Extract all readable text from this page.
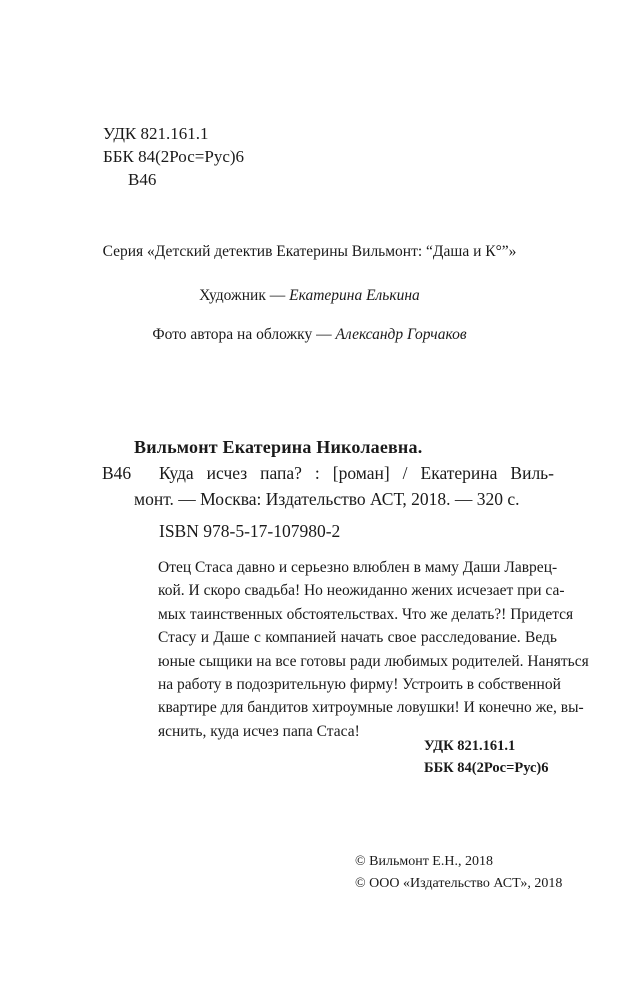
УДК 821.161.1
ББК 84(2Рос=Рус)6
В46
Серия «Детский детектив Екатерины Вильмонт: “Даша и К°”»
Художник — Екатерина Елькина
Фото автора на обложку — Александр Горчаков
Вильмонт Екатерина Николаевна.
В46 Куда исчез папа? : [роман] / Екатерина Виль-
монт. — Москва: Издательство АСТ, 2018. — 320 с.
ISBN 978-5-17-107980-2

Отец Стаса давно и серьезно влюблен в маму Даши Лаврец-

кой. И скоро свадьба! Но неожиданно жених исчезает при са-

мых таинственных обстоятельствах. Что же делать?! Придется

Стасу и Даше с компанией начать свое расследование. Ведь

юные сыщики на все готовы ради любимых родителей. Наняться

на работу в подозрительную фирму! Устроить в собственной

квартире для бандитов хитроумные ловушки! И конечно же, вы-

яснить, куда исчез папа Стаса!

УДК 821.161.1
ББК 84(2Рос=Рус)6
© Вильмонт Е.Н., 2018
© ООО «Издательство АСТ», 2018
